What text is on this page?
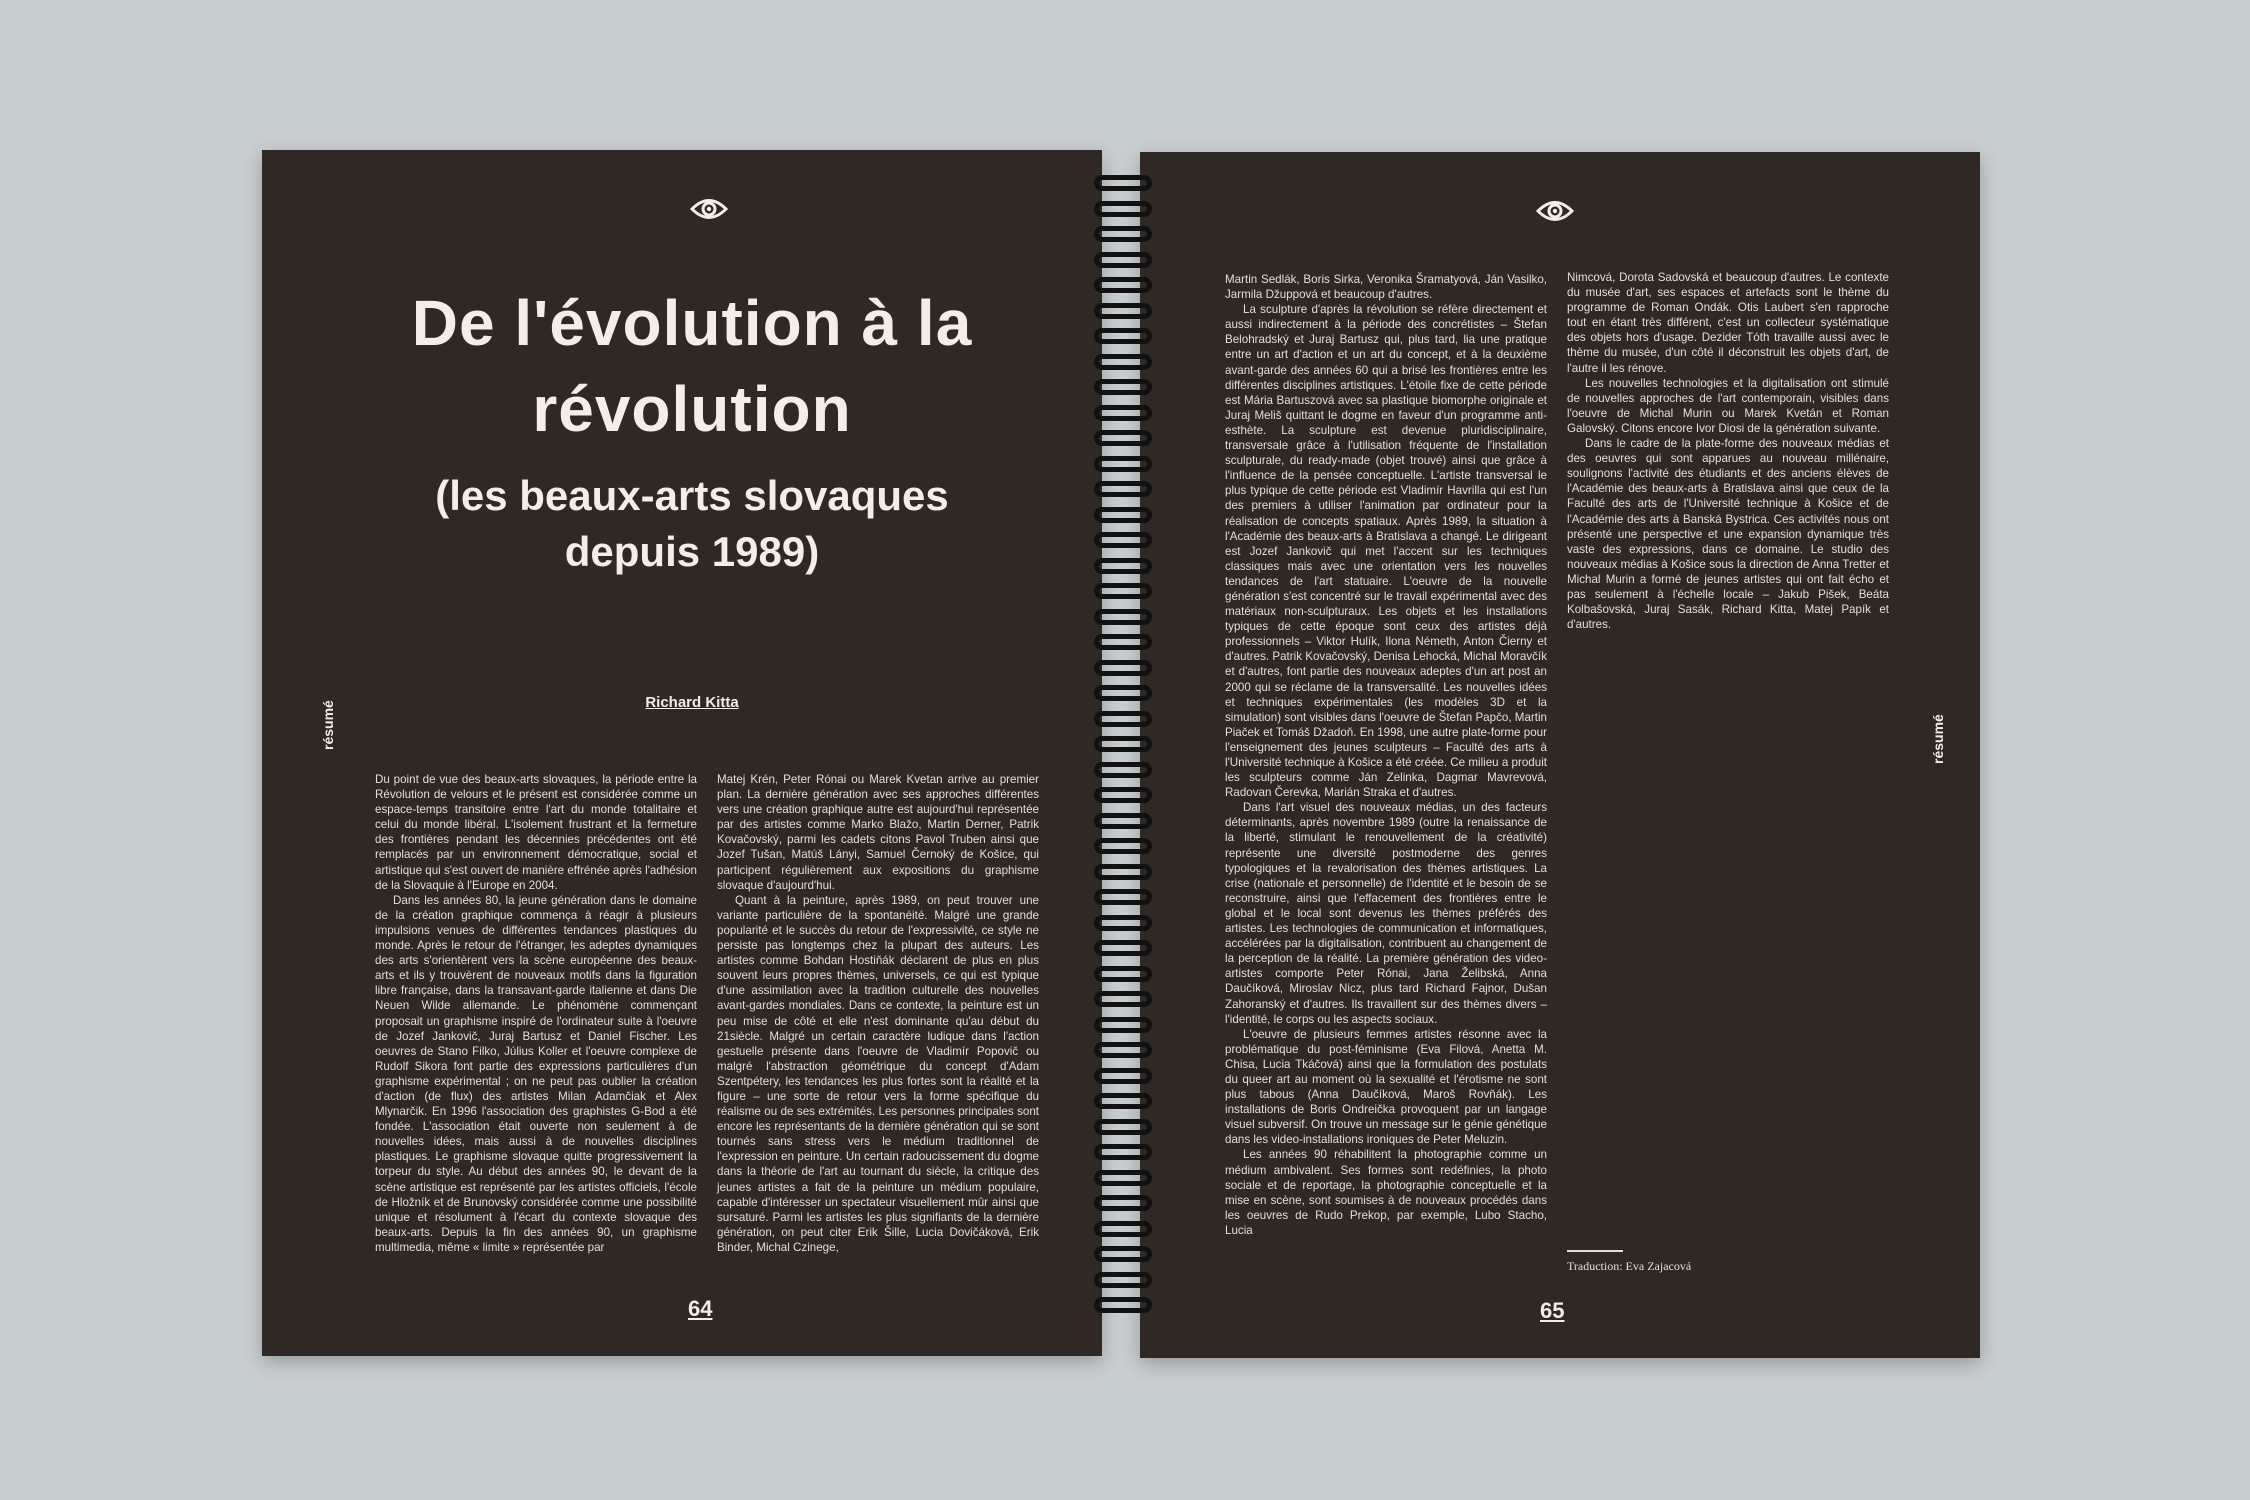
De l'évolution à la révolution
(les beaux-arts slovaques depuis 1989)
Richard Kitta
résumé

Du point de vue des beaux-arts slovaques, la période entre la Révolution de velours et le présent est considérée comme un espace-temps transitoire entre l'art du monde totalitaire et celui du monde libéral. L'isolement frustrant et la fermeture des frontières pendant les décennies précédentes ont été remplacés par un environnement démocratique, social et artistique qui s'est ouvert de manière effrénée après l'adhésion de la Slovaquie à l'Europe en 2004.

Dans les années 80, la jeune génération dans le domaine de la création graphique commença à réagir à plusieurs impulsions venues de différentes tendances plastiques du monde. Après le retour de l'étranger, les adeptes dynamiques des arts s'orientèrent vers la scène européenne des beaux-arts et ils y trouvèrent de nouveaux motifs dans la figuration libre française, dans la transavant-garde italienne et dans Die Neuen Wilde allemande. Le phénomène commençant proposait un graphisme inspiré de l'ordinateur suite à l'oeuvre de Jozef Jankovič, Juraj Bartusz et Daniel Fischer. Les oeuvres de Stano Filko, Július Koller et l'oeuvre complexe de Rudolf Sikora font partie des expressions particulières d'un graphisme expérimental ; on ne peut pas oublier la création d'action (de flux) des artistes Milan Adamčiak et Alex Mlynarčik. En 1996 l'association des graphistes G-Bod a été fondée. L'association était ouverte non seulement à de nouvelles idées, mais aussi à de nouvelles disciplines plastiques. Le graphisme slovaque quitte progressivement la torpeur du style. Au début des années 90, le devant de la scène artistique est représenté par les artistes officiels, l'école de Hložník et de Brunovský considérée comme une possibilité unique et résolument à l'écart du contexte slovaque des beaux-arts. Depuis la fin des années 90, un graphisme multimedia, même « limite » représentée par

Matej Krén, Peter Rónai ou Marek Kvetan arrive au premier plan. La dernière génération avec ses approches différentes vers une création graphique autre est aujourd'hui représentée par des artistes comme Marko Blažo, Martin Derner, Patrik Kovačovský, parmi les cadets citons Pavol Truben ainsi que Jozef Tušan, Matúš Lányi, Samuel Černoký de Košice, qui participent régulièrement aux expositions du graphisme slovaque d'aujourd'hui.

Quant à la peinture, après 1989, on peut trouver une variante particulière de la spontanéité. Malgré une grande popularité et le succès du retour de l'expressivité, ce style ne persiste pas longtemps chez la plupart des auteurs. Les artistes comme Bohdan Hostiňák déclarent de plus en plus souvent leurs propres thèmes, universels, ce qui est typique d'une assimilation avec la tradition culturelle des nouvelles avant-gardes mondiales. Dans ce contexte, la peinture est un peu mise de côté et elle n'est dominante qu'au début du 21siècle. Malgré un certain caractère ludique dans l'action gestuelle présente dans l'oeuvre de Vladimír Popovič ou malgré l'abstraction géométrique du concept d'Adam Szentpétery, les tendances les plus fortes sont la réalité et la figure – une sorte de retour vers la forme spécifique du réalisme ou de ses extrémités. Les personnes principales sont encore les représentants de la dernière génération qui se sont tournés sans stress vers le médium traditionnel de l'expression en peinture. Un certain radoucissement du dogme dans la théorie de l'art au tournant du siècle, la critique des jeunes artistes a fait de la peinture un médium populaire, capable d'intéresser un spectateur visuellement mûr ainsi que sursaturé. Parmi les artistes les plus signifiants de la dernière génération, on peut citer Erik Šille, Lucia Dovičáková, Erik Binder, Michal Czinege,

64
résumé

Martin Sedlák, Boris Sirka, Veronika Šramatyová, Ján Vasilko, Jarmila Džuppová et beaucoup d'autres.

La sculpture d'après la révolution se réfère directement et aussi indirectement à la période des concrétistes – Štefan Belohradský et Juraj Bartusz qui, plus tard, lia une pratique entre un art d'action et un art du concept, et à la deuxième avant-garde des années 60 qui a brisé les frontières entre les différentes disciplines artistiques. L'étoile fixe de cette période est Mária Bartuszová avec sa plastique biomorphe originale et Juraj Meliš quittant le dogme en faveur d'un programme anti-esthète. La sculpture est devenue pluridisciplinaire, transversale grâce à l'utilisation fréquente de l'installation sculpturale, du ready-made (objet trouvé) ainsi que grâce à l'influence de la pensée conceptuelle. L'artiste transversal le plus typique de cette période est Vladimír Havrilla qui est l'un des premiers à utiliser l'animation par ordinateur pour la réalisation de concepts spatiaux. Après 1989, la situation à l'Académie des beaux-arts à Bratislava a changé. Le dirigeant est Jozef Jankovič qui met l'accent sur les techniques classiques mais avec une orientation vers les nouvelles tendances de l'art statuaire. L'oeuvre de la nouvelle génération s'est concentré sur le travail expérimental avec des matériaux non-sculpturaux. Les objets et les installations typiques de cette époque sont ceux des artistes déjà professionnels – Viktor Hulík, Ilona Németh, Anton Čierny et d'autres. Patrik Kovačovský, Denisa Lehocká, Michal Moravčík et d'autres, font partie des nouveaux adeptes d'un art post an 2000 qui se réclame de la transversalité. Les nouvelles idées et techniques expérimentales (les modèles 3D et la simulation) sont visibles dans l'oeuvre de Štefan Papčo, Martin Piaček et Tomáš Džadoň. En 1998, une autre plate-forme pour l'enseignement des jeunes sculpteurs – Faculté des arts à l'Université technique à Košice a été créée. Ce milieu a produit les sculpteurs comme Ján Zelinka, Dagmar Mavrevová, Radovan Čerevka, Marián Straka et d'autres.

Dans l'art visuel des nouveaux médias, un des facteurs déterminants, après novembre 1989 (outre la renaissance de la liberté, stimulant le renouvellement de la créativité) représente une diversité postmoderne des genres typologiques et la revalorisation des thèmes artistiques. La crise (nationale et personnelle) de l'identité et le besoin de se reconstruire, ainsi que l'effacement des frontières entre le global et le local sont devenus les thèmes préférés des artistes. Les technologies de communication et informatiques, accélérées par la digitalisation, contribuent au changement de la perception de la réalité. La première génération des video-artistes comporte Peter Rónai, Jana Želibská, Anna Daučíková, Miroslav Nicz, plus tard Richard Fajnor, Dušan Zahoranský et d'autres. Ils travaillent sur des thèmes divers – l'identité, le corps ou les aspects sociaux.

L'oeuvre de plusieurs femmes artistes résonne avec la problématique du post-féminisme (Eva Filová, Anetta M. Chisa, Lucia Tkáčová) ainsi que la formulation des postulats du queer art au moment où la sexualité et l'érotisme ne sont plus tabous (Anna Daučíková, Maroš Rovňák). Les installations de Boris Ondreička provoquent par un langage visuel subversif. On trouve un message sur le génie génétique dans les video-installations ironiques de Peter Meluzin.

Les années 90 réhabilitent la photographie comme un médium ambivalent. Ses formes sont redéfinies, la photo sociale et de reportage, la photographie conceptuelle et la mise en scène, sont soumises à de nouveaux procédés dans les oeuvres de Rudo Prekop, par exemple, Lubo Stacho, Lucia

Nimcová, Dorota Sadovská et beaucoup d'autres. Le contexte du musée d'art, ses espaces et artefacts sont le thème du programme de Roman Ondák. Otis Laubert s'en rapproche tout en étant très différent, c'est un collecteur systématique des objets hors d'usage. Dezider Tóth travaille aussi avec le thème du musée, d'un côté il déconstruit les objets d'art, de l'autre il les rénove.

Les nouvelles technologies et la digitalisation ont stimulé de nouvelles approches de l'art contemporain, visibles dans l'oeuvre de Michal Murin ou Marek Kvetán et Roman Galovský. Citons encore Ivor Diosi de la génération suivante.

Dans le cadre de la plate-forme des nouveaux médias et des oeuvres qui sont apparues au nouveau millénaire, soulignons l'activité des étudiants et des anciens élèves de l'Académie des beaux-arts à Bratislava ainsi que ceux de la Faculté des arts de l'Université technique à Košice et de l'Académie des arts à Banská Bystrica. Ces activités nous ont présenté une perspective et une expansion dynamique très vaste des expressions, dans ce domaine. Le studio des nouveaux médias à Košice sous la direction de Anna Tretter et Michal Murin a formé de jeunes artistes qui ont fait écho et pas seulement à l'échelle locale – Jakub Pišek, Beáta Kolbašovská, Juraj Sasák, Richard Kitta, Matej Papík et d'autres.

Traduction: Eva Zajacová
65
